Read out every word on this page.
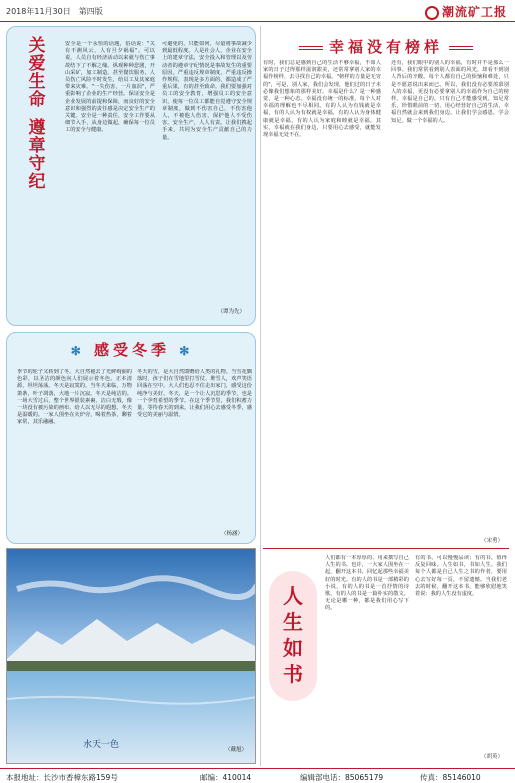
2018年11月30日　第四版	潮流矿工报
关
爱
生
命
遵
章
守
纪

安全是一个永恒的话题，俗话说："关有不测风云，人有旦夕祸福"。可以说，人员自有经济活动以来就与伤亡事故结下了不解之缘。纵观种种悲剧，开山采矿，加工制造，甚至餐饮服务，人员伤亡风险不时发生，给员工及其家庭带来灾难。"一失伤害，一片血泪"，严重影响了企业的生产经营。保证安全是企业发展的前提和保障，而良好的安全意识和强烈的责任感是决定安全生产的关键。安全是一种责任，安全工作要从细节入手，从身边做起，确保每一位员工的安全与健康。

可避免的，只能如何，尽量将事故减少到最低程度。人是社会人，企业在安全上的建章守法，安全投入和管理以及劳动者的遵章守纪情况是事故发生的重要原因。严重违反规章制度，严重违反操作规程，表现是多方面的，都造成了严重后果，有的甚至致命。我们要加强对员工的安全教育，增强员工的安全意识，使每一位员工都能自觉遵守安全规章制度，做到不伤害自己，不伤害他人，不被他人伤害，保护他人不受伤害。安全生产，人人有责。让我们携起手来，共同为安全生产贡献自己的力量。

（谭为先）
✻ 感受冬季 ✻

季节的轮子又转到了冬。大自然褪去了光鲜绚丽的色彩，以圣洁的颜色向人们展示着冬色。正本清源，坦坦荡荡。冬天是寂寞的。当冬天来临，万物萧条，叶子凋落，大地一片沉寂。冬天是纯洁的。一场大雪过后，整个世界银装素裹，洁白无瑕，像一块没有被污染的画布，给人以无尽的遐想。冬天是温暖的。一家人围坐在火炉旁，喝着热茶，聊着家常，其乐融融。

冬天的雪，是大自然馈赠给人类的礼物。当雪花飘落时，孩子们在雪地里打雪仗、堆雪人，欢声笑语回荡在空中。大人们也忍不住走出家门，感受这份纯净与美好。冬天，是一个让人沉思的季节，也是一个孕育希望的季节。在这个季节里，我们积蓄力量，等待春天的到来。让我们用心去感受冬季，感受它的美丽与温情。

（杨涵）
水天一色	（戴旭）
幸福没有榜样

有时，我们总是感到自己的生活不够幸福，不如人家的日子过得那样滋润甜美，还常常拿别人家的幸福作榜样，去寻找自己的幸福。"榜样的力量是无穷的"，可是，别人家，我们会发现，他们过的日子未必像我们想象的那样美好。幸福是什么？是一种感觉，是一种心态。幸福没有统一的标准，每个人对幸福的理解也不尽相同。有的人认为有钱就是幸福，有的人认为有权就是幸福，有的人认为身体健康就是幸福，有的人认为家庭和睦就是幸福。其实，幸福就在我们身边，只要用心去感受，就能发现幸福无处不在。

还有，我们眼中的别人的幸福，有时并不是那么一回事。我们常常看到别人表面的风光，却看不到别人背后的辛酸。每个人都有自己的烦恼和难处，只是不愿意说出来而已。所以，我们没有必要羡慕别人的幸福，更没有必要拿别人的幸福作为自己的榜样。幸福是自己的，只有自己才能感受到。知足常乐，珍惜眼前的一切，用心经营好自己的生活，幸福自然就会来到我们身边。让我们学会感恩，学会知足，做一个幸福的人。

（宋勇）
人
生
如
书

人们都有一本厚厚的、用来撰写自己人生的书。也许，一大家人围坐在一起，翻开这本书，回忆起那些幸福美好的时光。有的人的书是一部精彩的小说，有的人的书是一首抒情的诗歌，有的人的书是一篇朴实的散文。无论是哪一种，都是我们用心写下的。

有的书，可以慢慢品读；有的书，值得反复回味。人生如书，书如人生。我们每个人都是自己人生之书的作者，要用心去写好每一页，不留遗憾。当我们老去的时候，翻开这本书，能够欣慰地笑着说：我的人生没有虚度。

（胡英）
本报地址：长沙市香樟东路159号	邮编：410014	编辑部电话：85065179	传真：85146010
